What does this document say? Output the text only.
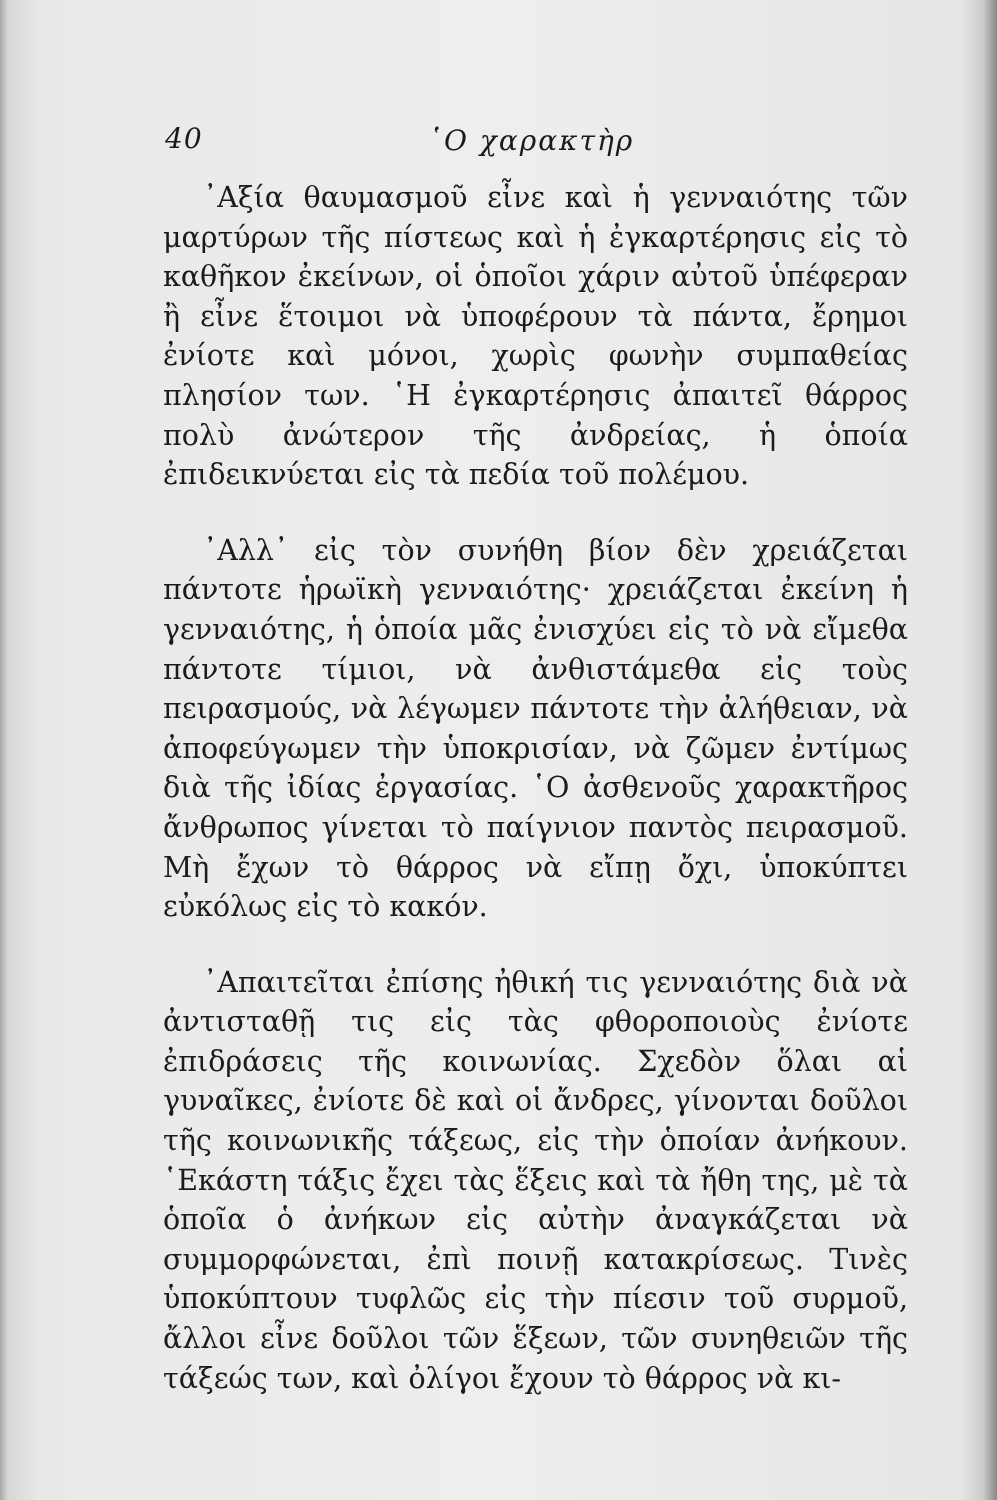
40	῾Ο χαρακτὴρ

᾿Αξία θαυμασμοῦ εἶνε καὶ ἡ γενναιότης τῶν μαρτύρων τῆς πίστεως καὶ ἡ ἐγκαρτέρησις εἰς τὸ καθῆκον ἐκείνων, οἱ ὁποῖοι χάριν αὐτοῦ ὑπέφεραν ἢ εἶνε ἕτοιμοι νὰ ὑποφέρουν τὰ πάντα, ἔρημοι ἐνίοτε καὶ μόνοι, χωρὶς φωνὴν συμπαθείας πλησίον των. ῾Η ἐγκαρτέρησις ἀπαιτεῖ θάρρος πολὺ ἀνώτερον τῆς ἀνδρείας, ἡ ὁποία ἐπιδεικνύεται εἰς τὰ πεδία τοῦ πολέμου.

᾿Αλλ᾿ εἰς τὸν συνήθη βίον δὲν χρειάζεται πάντοτε ἡρωϊκὴ γενναιότης· χρειάζεται ἐκείνη ἡ γενναιότης, ἡ ὁποία μᾶς ἐνισχύει εἰς τὸ νὰ εἴμεθα πάντοτε τίμιοι, νὰ ἀνθιστάμεθα εἰς τοὺς πειρασμούς, νὰ λέγωμεν πάντοτε τὴν ἀλήθειαν, νὰ ἀποφεύγωμεν τὴν ὑποκρισίαν, νὰ ζῶμεν ἐντίμως διὰ τῆς ἰδίας ἐργασίας. ῾Ο ἀσθενοῦς χαρακτῆρος ἄνθρωπος γίνεται τὸ παίγνιον παντὸς πειρασμοῦ. Μὴ ἔχων τὸ θάρρος νὰ εἴπῃ ὄχι, ὑποκύπτει εὐκόλως εἰς τὸ κακόν.

᾿Απαιτεῖται ἐπίσης ἠθική τις γενναιότης διὰ νὰ ἀντισταθῇ τις εἰς τὰς φθοροποιοὺς ἐνίοτε ἐπιδράσεις τῆς κοινωνίας. Σχεδὸν ὅλαι αἱ γυναῖκες, ἐνίοτε δὲ καὶ οἱ ἄνδρες, γίνονται δοῦλοι τῆς κοινωνικῆς τάξεως, εἰς τὴν ὁποίαν ἀνήκουν. ῾Εκάστη τάξις ἔχει τὰς ἕξεις καὶ τὰ ἤθη της, μὲ τὰ ὁποῖα ὁ ἀνήκων εἰς αὐτὴν ἀναγκάζεται νὰ συμμορφώνεται, ἐπὶ ποινῇ κατακρίσεως. Τινὲς ὑποκύπτουν τυφλῶς εἰς τὴν πίεσιν τοῦ συρμοῦ, ἄλλοι εἶνε δοῦλοι τῶν ἕξεων, τῶν συνηθειῶν τῆς τάξεώς των, καὶ ὀλίγοι ἔχουν τὸ θάρρος νὰ κι-
